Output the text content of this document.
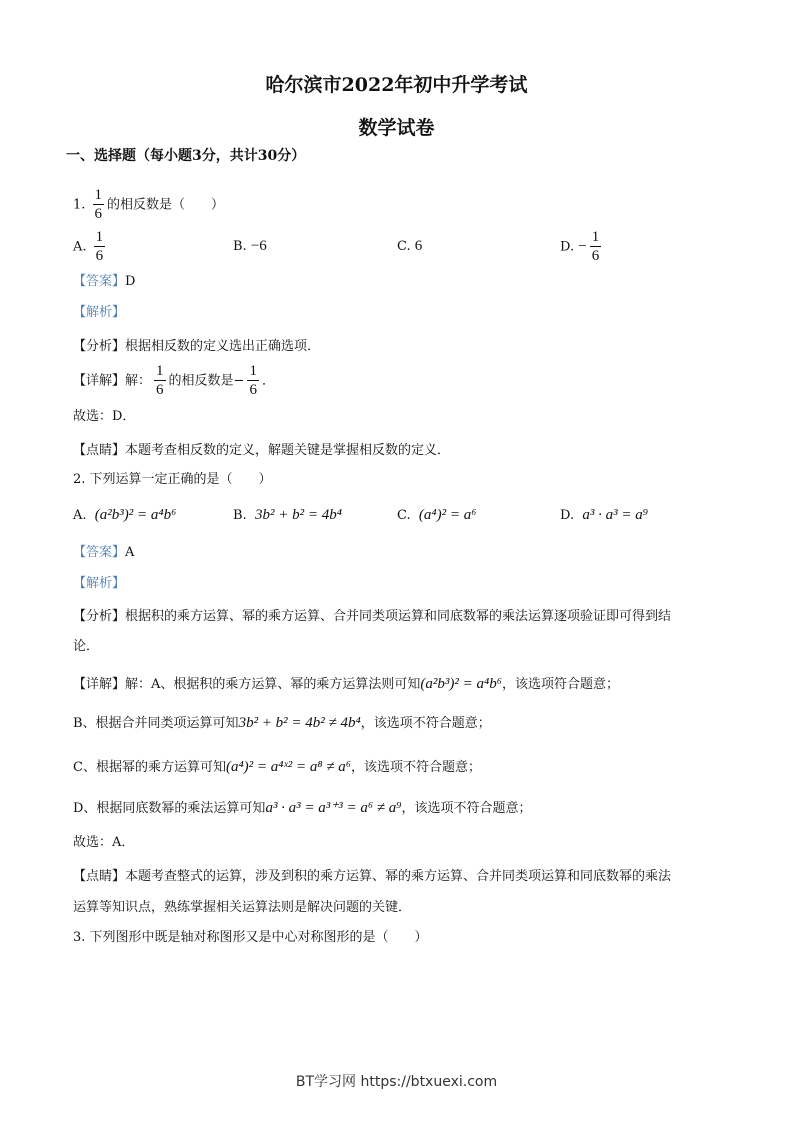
哈尔滨市2022年初中升学考试
数学试卷
一、选择题（每小题3分，共计30分）
1. $\frac{1}{6}$ 的相反数是（　　）
A. $\frac{1}{6}$	B. −6	C. 6	D. − $\frac{1}{6}$
【答案】D
【解析】
【分析】根据相反数的定义选出正确选项．
【详解】解： $\frac{1}{6}$ 的相反数是− $\frac{1}{6}$ ．
故选：D．
【点睛】本题考查相反数的定义，解题关键是掌握相反数的定义．
2. 下列运算一定正确的是（　　）
A. (a²b³)² = a⁴b⁶	B. 3b² + b² = 4b⁴	C. (a⁴)² = a⁶	D. a³ · a³ = a⁹
【答案】A
【解析】
【分析】根据积的乘方运算、幂的乘方运算、合并同类项运算和同底数幂的乘法运算逐项验证即可得到结
论．
【详解】解：A、根据积的乘方运算、幂的乘方运算法则可知(a²b³)² = a⁴b⁶，该选项符合题意；
B、根据合并同类项运算可知3b² + b² = 4b² ≠ 4b⁴，该选项不符合题意；
C、根据幂的乘方运算可知(a⁴)² = a⁴ˣ² = a⁸ ≠ a⁶，该选项不符合题意；
D、根据同底数幂的乘法运算可知a³ · a³ = a³⁺³ = a⁶ ≠ a⁹，该选项不符合题意；
故选：A．
【点睛】本题考查整式的运算，涉及到积的乘方运算、幂的乘方运算、合并同类项运算和同底数幂的乘法
运算等知识点，熟练掌握相关运算法则是解决问题的关键．
3. 下列图形中既是轴对称图形又是中心对称图形的是（　　）
BT学习网 https://btxuexi.com
